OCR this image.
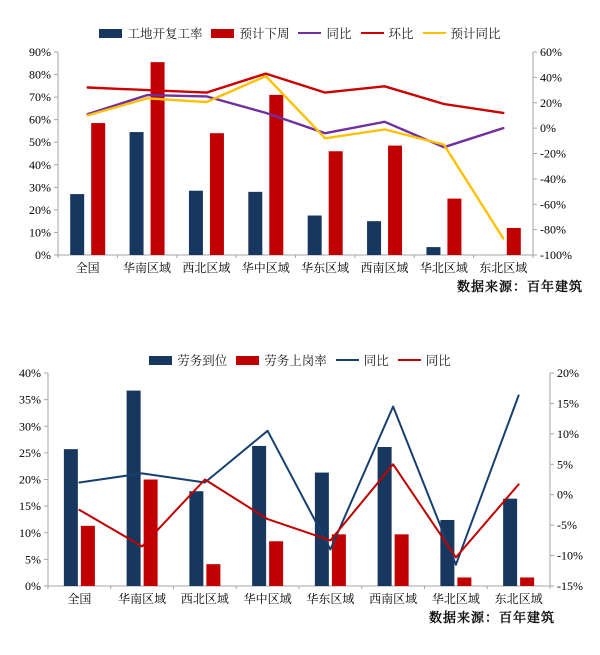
工地开复工率	预计下周	同比	环比	预计同比
0%
10%
20%
30%
40%
50%
60%
70%
80%
90%
-100%
-80%
-60%
-40%
-20%
0%
20%
40%
60%
全国 华南区域 西北区域 华中区域 华东区域 西南区域 华北区域 东北区域
数据来源：百年建筑
劳务到位	劳务上岗率	同比	同比
0%
5%
10%
15%
20%
25%
30%
35%
40%
-15%
-10%
-5%
0%
5%
10%
15%
20%
全国 华南区域 西北区域 华中区域 华东区域 西南区域 华北区域 东北区域
数据来源：百年建筑
